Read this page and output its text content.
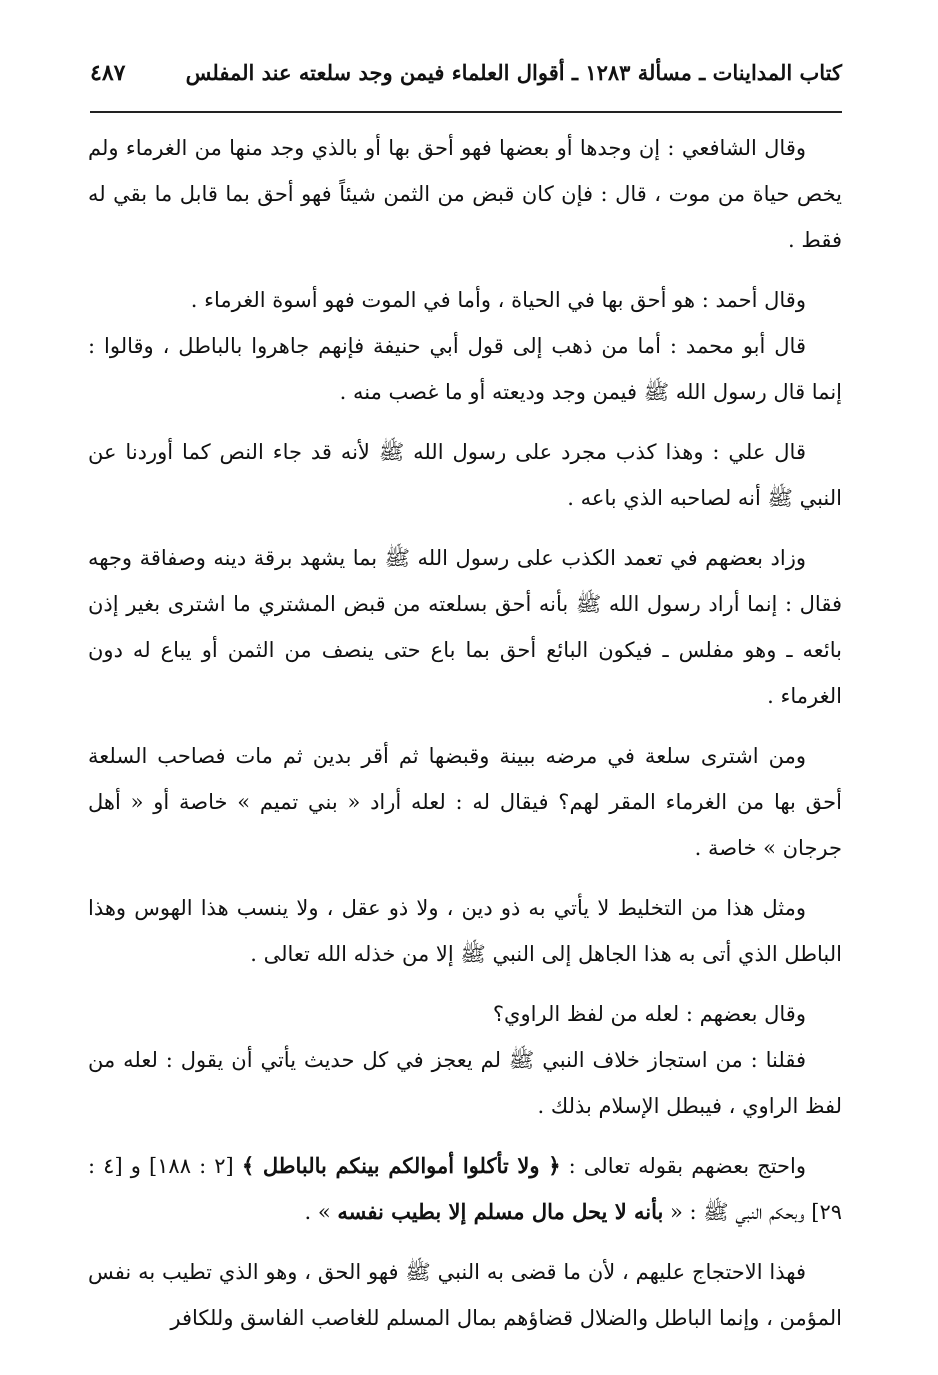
كتاب المداينات ـ مسألة ١٢٨٣ ـ أقوال العلماء فيمن وجد سلعته عند المفلس
٤٨٧

وقال الشافعي : إن وجدها أو بعضها فهو أحق بها أو بالذي وجد منها من الغرماء ولم يخص حياة من موت ، قال : فإن كان قبض من الثمن شيئاً فهو أحق بما قابل ما بقي له فقط .

وقال أحمد : هو أحق بها في الحياة ، وأما في الموت فهو أسوة الغرماء .

قال أبو محمد : أما من ذهب إلى قول أبي حنيفة فإنهم جاهروا بالباطل ، وقالوا : إنما قال رسول الله ﷺ فيمن وجد وديعته أو ما غصب منه .

قال علي : وهذا كذب مجرد على رسول الله ﷺ لأنه قد جاء النص كما أوردنا عن النبي ﷺ أنه لصاحبه الذي باعه .

وزاد بعضهم في تعمد الكذب على رسول الله ﷺ بما يشهد برقة دينه وصفاقة وجهه فقال : إنما أراد رسول الله ﷺ بأنه أحق بسلعته من قبض المشتري ما اشترى بغير إذن بائعه ـ وهو مفلس ـ فيكون البائع أحق بما باع حتى ينصف من الثمن أو يباع له دون الغرماء .

ومن اشترى سلعة في مرضه ببينة وقبضها ثم أقر بدين ثم مات فصاحب السلعة أحق بها من الغرماء المقر لهم؟ فيقال له : لعله أراد « بني تميم » خاصة أو « أهل جرجان » خاصة .

ومثل هذا من التخليط لا يأتي به ذو دين ، ولا ذو عقل ، ولا ينسب هذا الهوس وهذا الباطل الذي أتى به هذا الجاهل إلى النبي ﷺ إلا من خذله الله تعالى .

وقال بعضهم : لعله من لفظ الراوي؟

فقلنا : من استجاز خلاف النبي ﷺ لم يعجز في كل حديث يأتي أن يقول : لعله من لفظ الراوي ، فيبطل الإسلام بذلك .

واحتج بعضهم بقوله تعالى : ﴿ ولا تأكلوا أموالكم بينكم بالباطل ﴾ [٢ : ١٨٨] و [٤ : ٢٩] وبحكم النبي ﷺ : « بأنه لا يحل مال مسلم إلا بطيب نفسه » .

فهذا الاحتجاج عليهم ، لأن ما قضى به النبي ﷺ فهو الحق ، وهو الذي تطيب به نفس المؤمن ، وإنما الباطل والضلال قضاؤهم بمال المسلم للغاصب الفاسق وللكافر
